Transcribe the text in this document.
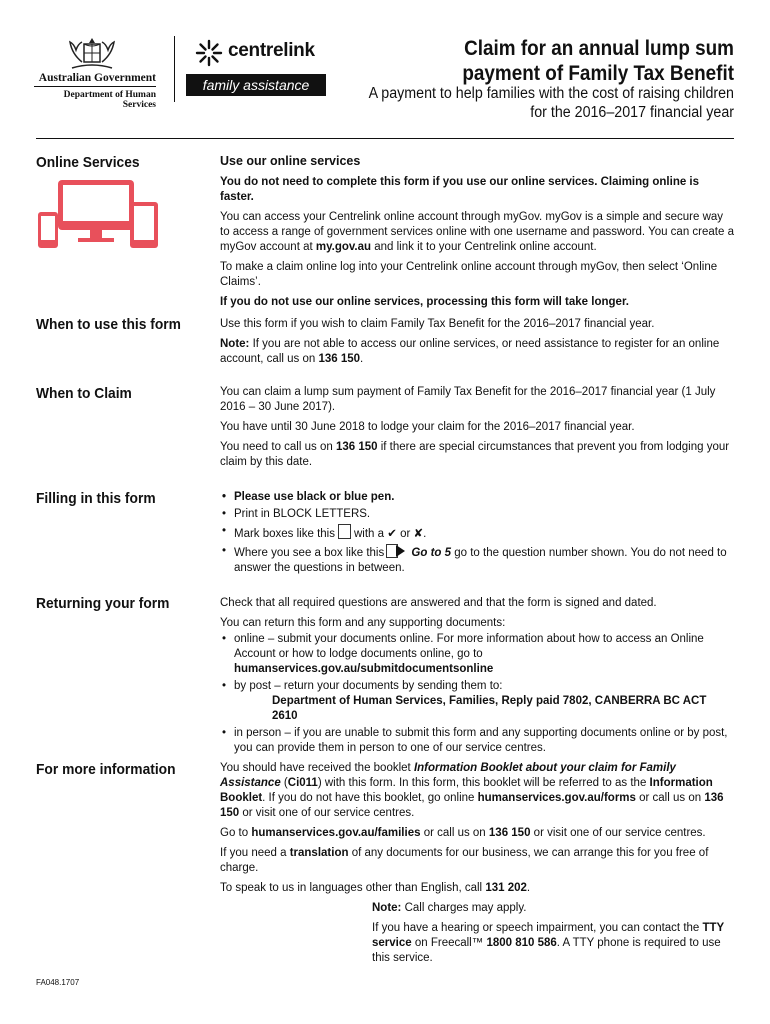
Australian Government
Department of Human Services
centrelink
family assistance
Claim for an annual lump sum payment of Family Tax Benefit
A payment to help families with the cost of raising children for the 2016–2017 financial year
Online Services	Use our online services

You do not need to complete this form if you use our online services. Claiming online is faster.

You can access your Centrelink online account through myGov. myGov is a simple and secure way to access a range of government services online with one username and password. You can create a myGov account at my.gov.au and link it to your Centrelink online account.

To make a claim online log into your Centrelink online account through myGov, then select ‘Online Claims’.

If you do not use our online services, processing this form will take longer.

When to use this form	Use this form if you wish to claim Family Tax Benefit for the 2016–2017 financial year.

Note: If you are not able to access our online services, or need assistance to register for an online account, call us on 136 150.

When to Claim	You can claim a lump sum payment of Family Tax Benefit for the 2016–2017 financial year (1 July 2016 – 30 June 2017).

You have until 30 June 2018 to lodge your claim for the 2016–2017 financial year.

You need to call us on 136 150 if there are special circumstances that prevent you from lodging your claim by this date.

Filling in this form
•	Please use black or blue pen.
• Print in BLOCK LETTERS.
• Mark boxes like this with a ✔ or ✘.
• Where you see a box like this Go to 5 go to the question number shown. You do not need to answer the questions in between.
Returning your form	Check that all required questions are answered and that the form is signed and dated.

You can return this form and any supporting documents:

• online – submit your documents online. For more information about how to access an Online Account or how to lodge documents online, go to humanservices.gov.au/submitdocumentsonline
• by post – return your documents by sending them to:
Department of Human Services, Families, Reply paid 7802, CANBERRA BC ACT 2610
• in person – if you are unable to submit this form and any supporting documents online or by post, you can provide them in person to one of our service centres.
For more information	You should have received the booklet Information Booklet about your claim for Family Assistance (Ci011) with this form. In this form, this booklet will be referred to as the Information Booklet. If you do not have this booklet, go online humanservices.gov.au/forms or call us on 136 150 or visit one of our service centres.

Go to humanservices.gov.au/families or call us on 136 150 or visit one of our service centres.

If you need a translation of any documents for our business, we can arrange this for you free of charge.

To speak to us in languages other than English, call 131 202.

Note: Call charges may apply.

If you have a hearing or speech impairment, you can contact the TTY service on Freecall™ 1800 810 586. A TTY phone is required to use this service.

FA048.1707
